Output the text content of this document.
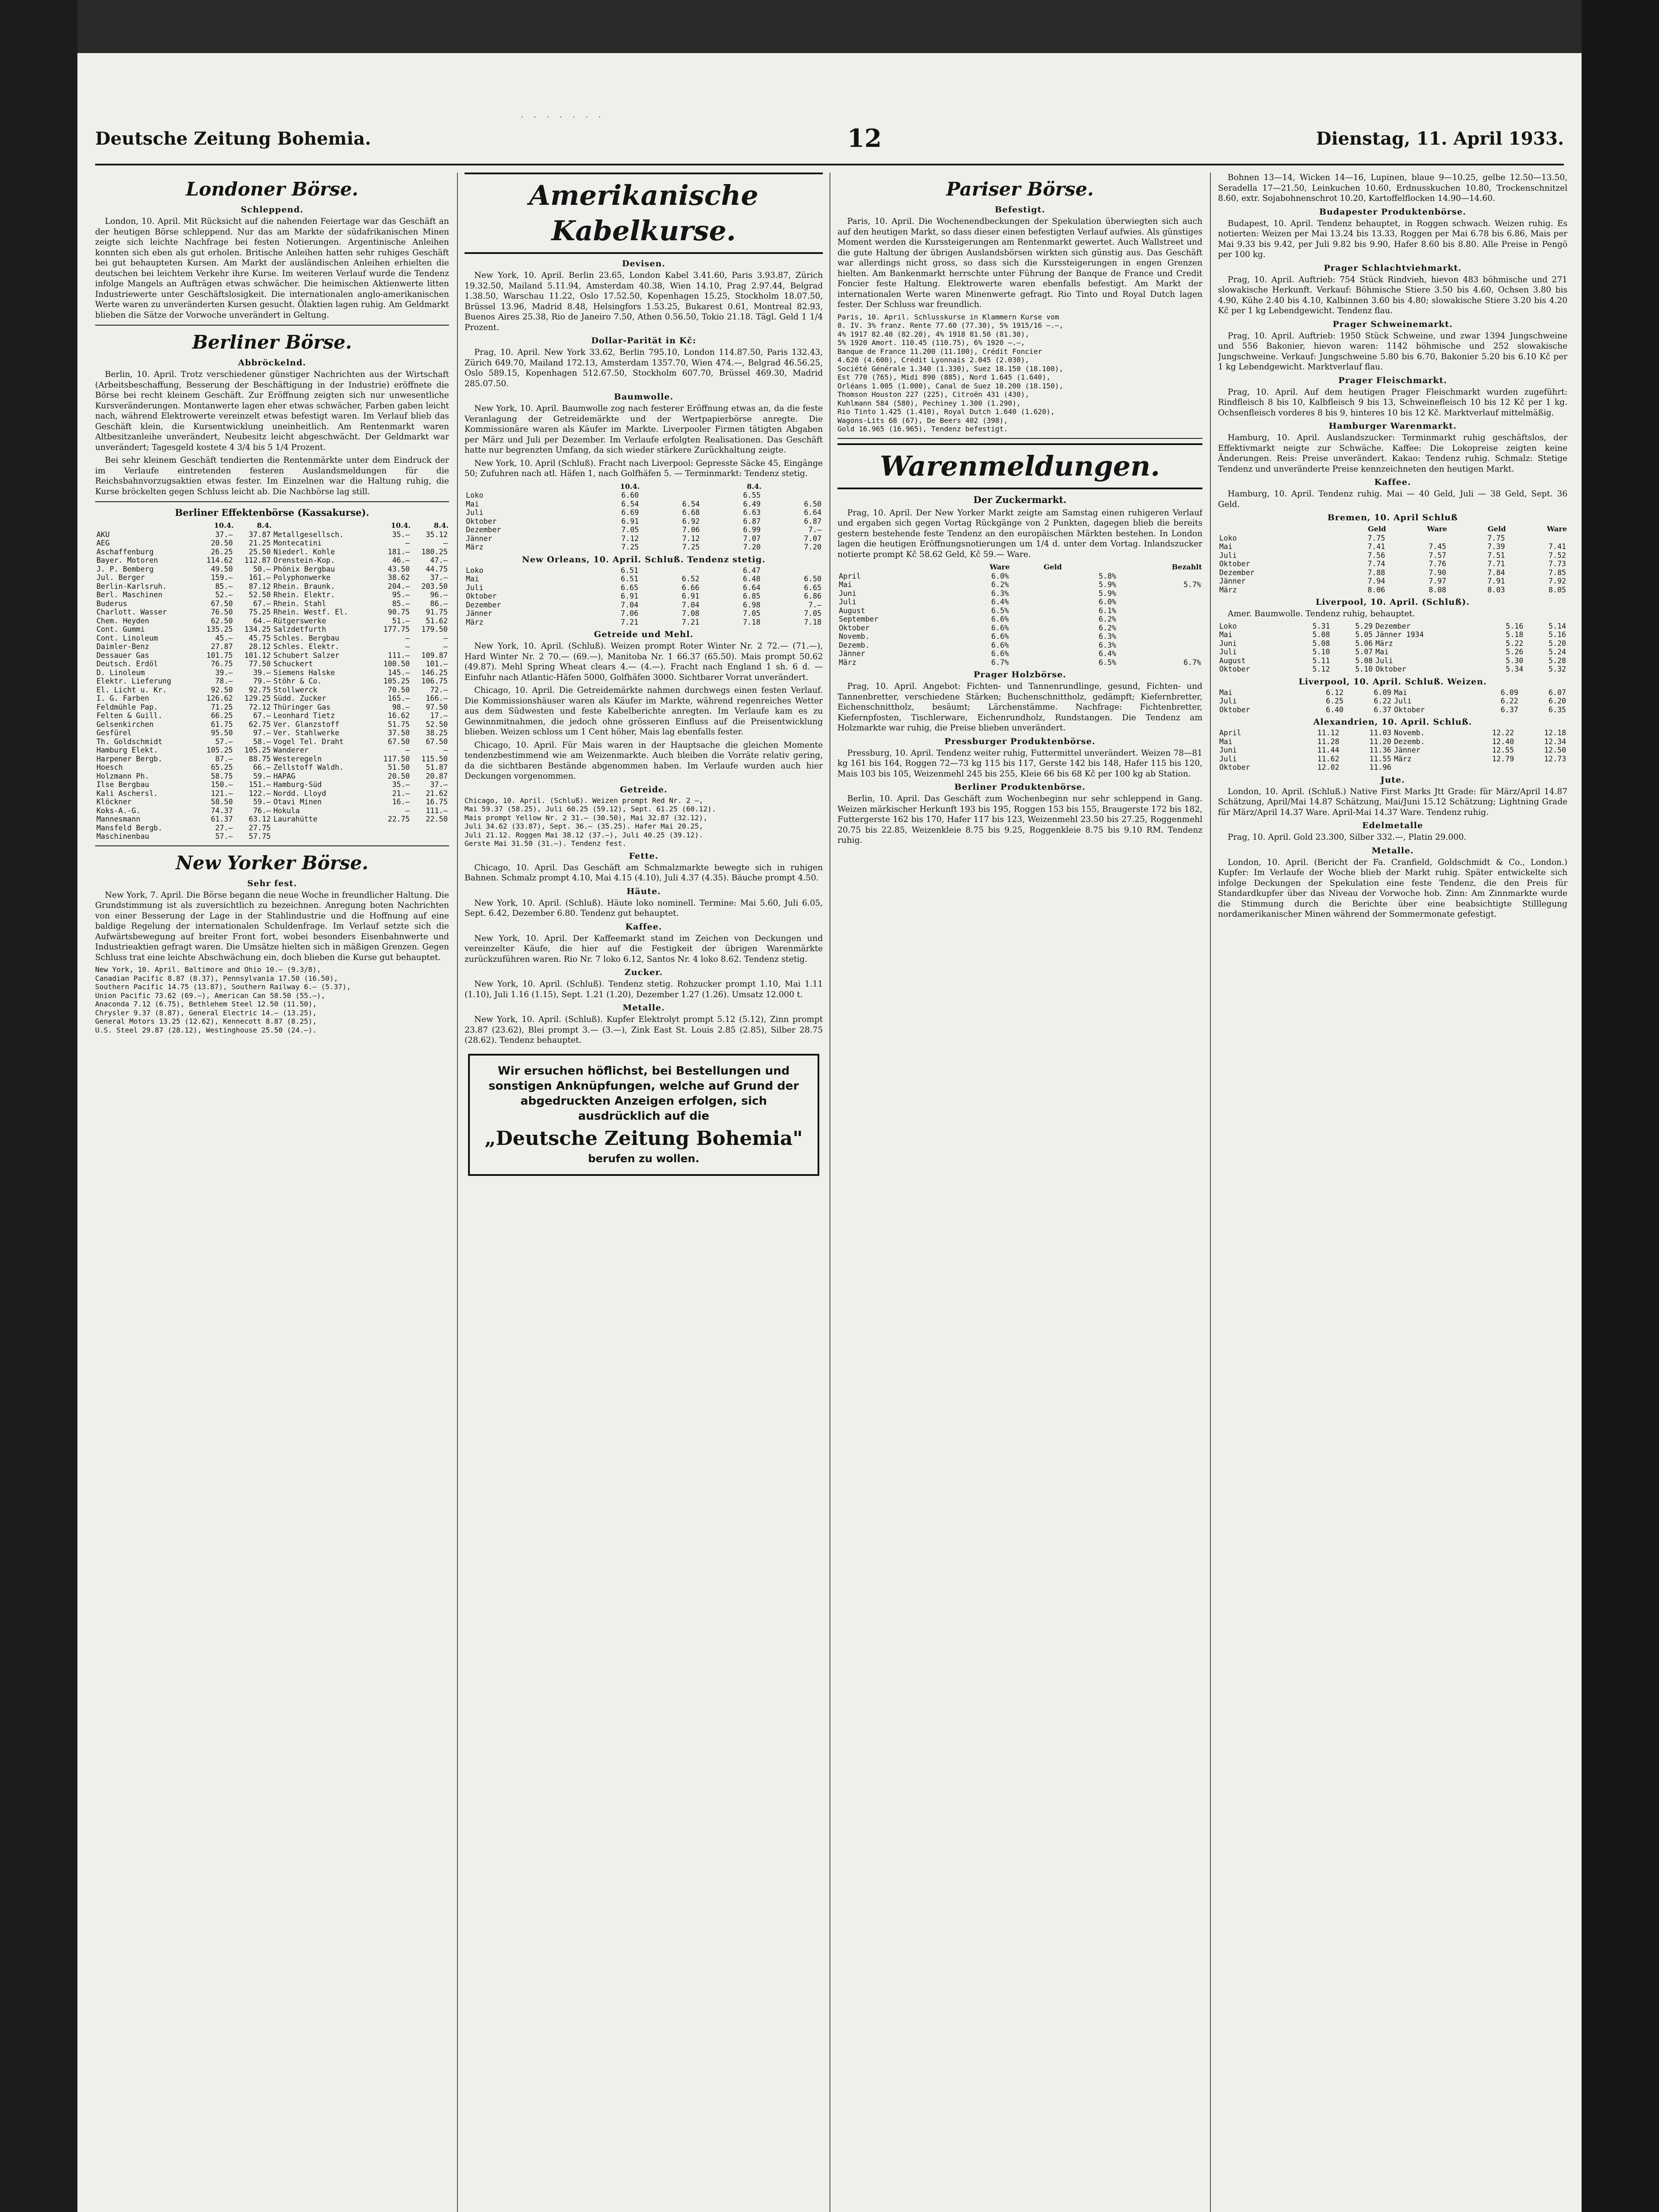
· · · · · · ·
Deutsche Zeitung Bohemia.	12	Dienstag, 11. April 1933.
Londoner Börse.
Schleppend.

London, 10. April. Mit Rücksicht auf die nahenden Feiertage war das Geschäft an der heutigen Börse schleppend. Nur das am Markte der südafrikanischen Minen zeigte sich leichte Nachfrage bei festen Notierungen. Argentinische Anleihen konnten sich eben als gut erholen. Britische Anleihen hatten sehr ruhiges Geschäft bei gut behaupteten Kursen. Am Markt der ausländischen Anleihen erhielten die deutschen bei leichtem Verkehr ihre Kurse. Im weiteren Verlauf wurde die Tendenz infolge Mangels an Aufträgen etwas schwächer. Die heimischen Aktienwerte litten Industriewerte unter Geschäftslosigkeit. Die internationalen anglo-amerikanischen Werte waren zu unveränderten Kursen gesucht. Ölaktien lagen ruhig. Am Geldmarkt blieben die Sätze der Vorwoche unverändert in Geltung.

Berliner Börse.
Abbröckelnd.

Berlin, 10. April. Trotz verschiedener günstiger Nachrichten aus der Wirtschaft (Arbeitsbeschaffung, Besserung der Beschäftigung in der Industrie) eröffnete die Börse bei recht kleinem Geschäft. Zur Eröffnung zeigten sich nur unwesentliche Kursveränderungen. Montanwerte lagen eher etwas schwächer, Farben gaben leicht nach, während Elektrowerte vereinzelt etwas befestigt waren. Im Verlauf blieb das Geschäft klein, die Kursentwicklung uneinheitlich. Am Rentenmarkt waren Altbesitzanleihe unverändert, Neubesitz leicht abgeschwächt. Der Geldmarkt war unverändert; Tagesgeld kostete 4 3/4 bis 5 1/4 Prozent.

Bei sehr kleinem Geschäft tendierten die Rentenmärkte unter dem Eindruck der im Verlaufe eintretenden festeren Auslandsmeldungen für die Reichsbahnvorzugsaktien etwas fester. Im Einzelnen war die Haltung ruhig, die Kurse bröckelten gegen Schluss leicht ab. Die Nachbörse lag still.

Berliner Effektenbörse (Kassakurse).
	10.4.	8.4.		10.4.	8.4.
AKU	37.—	37.87	Metallgesellsch.	35.—	35.12
AEG	20.50	21.25	Montecatini	—	—
Aschaffenburg	26.25	25.50	Niederl. Kohle	181.—	180.25
Bayer. Motoren	114.62	112.87	Orenstein-Kop.	46.—	47.—
J. P. Bemberg	49.50	50.—	Phönix Bergbau	43.50	44.75
Jul. Berger	159.—	161.—	Polyphonwerke	38.62	37.—
Berlin-Karlsruh.	85.—	87.12	Rhein. Braunk.	204.—	203.50
Berl. Maschinen	52.—	52.50	Rhein. Elektr.	95.—	96.—
Buderus	67.50	67.—	Rhein. Stahl	85.—	86.—
Charlott. Wasser	76.50	75.25	Rhein. Westf. El.	90.75	91.75
Chem. Heyden	62.50	64.—	Rütgerswerke	51.—	51.62
Cont. Gummi	135.25	134.25	Salzdetfurth	177.75	179.50
Cont. Linoleum	45.—	45.75	Schles. Bergbau	—	—
Daimler-Benz	27.87	28.12	Schles. Elektr.	—	—
Dessauer Gas	101.75	101.12	Schubert Salzer	111.—	109.87
Deutsch. Erdöl	76.75	77.50	Schuckert	100.50	101.—
D. Linoleum	39.—	39.—	Siemens Halske	145.—	146.25
Elektr. Lieferung	78.—	79.—	Stöhr & Co.	105.25	106.75
El. Licht u. Kr.	92.50	92.75	Stollwerck	70.50	72.—
I. G. Farben	126.62	129.25	Südd. Zucker	165.—	166.—
Feldmühle Pap.	71.25	72.12	Thüringer Gas	98.—	97.50
Felten & Guill.	66.25	67.—	Leonhard Tietz	16.62	17.—
Gelsenkirchen	61.75	62.75	Ver. Glanzstoff	51.75	52.50
Gesfürel	95.50	97.—	Ver. Stahlwerke	37.50	38.25
Th. Goldschmidt	57.—	58.—	Vogel Tel. Draht	67.50	67.50
Hamburg Elekt.	105.25	105.25	Wanderer	—	—
Harpener Bergb.	87.—	88.75	Westeregeln	117.50	115.50
Hoesch	65.25	66.—	Zellstoff Waldh.	51.50	51.87
Holzmann Ph.	58.75	59.—	HAPAG	20.50	20.87
Ilse Bergbau	150.—	151.—	Hamburg-Süd	35.—	37.—
Kali Aschersl.	121.—	122.—	Nordd. Lloyd	21.—	21.62
Klöckner	58.50	59.—	Otavi Minen	16.—	16.75
Koks-A.-G.	74.37	76.—	Hokula	—	111.—
Mannesmann	61.37	63.12	Laurahütte	22.75	22.50
Mansfeld Bergb.	27.—	27.75			
Maschinenbau	57.—	57.75			
New Yorker Börse.
Sehr fest.

New York, 7. April. Die Börse begann die neue Woche in freundlicher Haltung. Die Grundstimmung ist als zuversichtlich zu bezeichnen. Anregung boten Nachrichten von einer Besserung der Lage in der Stahlindustrie und die Hoffnung auf eine baldige Regelung der internationalen Schuldenfrage. Im Verlauf setzte sich die Aufwärtsbewegung auf breiter Front fort, wobei besonders Eisenbahnwerte und Industrieaktien gefragt waren. Die Umsätze hielten sich in mäßigen Grenzen. Gegen Schluss trat eine leichte Abschwächung ein, doch blieben die Kurse gut behauptet.

New York, 10. April. Baltimore and Ohio 10.— (9.3/8),
Canadian Pacific 8.87 (8.37), Pennsylvania 17.50 (16.50),
Southern Pacific 14.75 (13.87), Southern Railway 6.— (5.37),
Union Pacific 73.62 (69.—), American Can 58.50 (55.—),
Anaconda 7.12 (6.75), Bethlehem Steel 12.50 (11.50),
Chrysler 9.37 (8.87), General Electric 14.— (13.25),
General Motors 13.25 (12.62), Kennecott 8.87 (8.25),
U.S. Steel 29.87 (28.12), Westinghouse 25.50 (24.—).
Amerikanische Kabelkurse.
Devisen.

New York, 10. April. Berlin 23.65, London Kabel 3.41.60, Paris 3.93.87, Zürich 19.32.50, Mailand 5.11.94, Amsterdam 40.38, Wien 14.10, Prag 2.97.44, Belgrad 1.38.50, Warschau 11.22, Oslo 17.52.50, Kopenhagen 15.25, Stockholm 18.07.50, Brüssel 13.96, Madrid 8.48, Helsingfors 1.53.25, Bukarest 0.61, Montreal 82.93, Buenos Aires 25.38, Rio de Janeiro 7.50, Athen 0.56.50, Tokio 21.18. Tägl. Geld 1 1/4 Prozent.

Dollar-Parität in Kč:

Prag, 10. April. New York 33.62, Berlin 795.10, London 114.87.50, Paris 132.43, Zürich 649.70, Mailand 172.13, Amsterdam 1357.70, Wien 474.—, Belgrad 46.56.25, Oslo 589.15, Kopenhagen 512.67.50, Stockholm 607.70, Brüssel 469.30, Madrid 285.07.50.

Baumwolle.

New York, 10. April. Baumwolle zog nach festerer Eröffnung etwas an, da die feste Veranlagung der Getreidemärkte und der Wertpapierbörse anregte. Die Kommissionäre waren als Käufer im Markte. Liverpooler Firmen tätigten Abgaben per März und Juli per Dezember. Im Verlaufe erfolgten Realisationen. Das Geschäft hatte nur begrenzten Umfang, da sich wieder stärkere Zurückhaltung zeigte.

New York, 10. April (Schluß). Fracht nach Liverpool: Gepresste Säcke 45, Eingänge 50; Zufuhren nach atl. Häfen 1, nach Golfhäfen 5. — Terminmarkt: Tendenz stetig.

	10.4.		8.4.	
Loko	6.60		6.55	
Mai	6.54	6.54	6.49	6.50
Juli	6.69	6.68	6.63	6.64
Oktober	6.91	6.92	6.87	6.87
Dezember	7.05	7.06	6.99	7.—
Jänner	7.12	7.12	7.07	7.07
März	7.25	7.25	7.20	7.20
New Orleans, 10. April. Schluß. Tendenz stetig.
Loko	6.51		6.47	
Mai	6.51	6.52	6.48	6.50
Juli	6.65	6.66	6.64	6.65
Oktober	6.91	6.91	6.85	6.86
Dezember	7.04	7.04	6.98	7.—
Jänner	7.06	7.08	7.05	7.05
März	7.21	7.21	7.18	7.18
Getreide und Mehl.

New York, 10. April. (Schluß). Weizen prompt Roter Winter Nr. 2 72.— (71.—), Hard Winter Nr. 2 70.— (69.—), Manitoba Nr. 1 66.37 (65.50). Mais prompt 50.62 (49.87). Mehl Spring Wheat clears 4.— (4.—). Fracht nach England 1 sh. 6 d. — Einfuhr nach Atlantic-Häfen 5000, Golfhäfen 3000. Sichtbarer Vorrat unverändert.

Chicago, 10. April. Die Getreidemärkte nahmen durchwegs einen festen Verlauf. Die Kommissionshäuser waren als Käufer im Markte, während regenreiches Wetter aus dem Südwesten und feste Kabelberichte anregten. Im Verlaufe kam es zu Gewinnmitnahmen, die jedoch ohne grösseren Einfluss auf die Preisentwicklung blieben. Weizen schloss um 1 Cent höher, Mais lag ebenfalls fester.

Chicago, 10. April. Für Mais waren in der Hauptsache die gleichen Momente tendenzbestimmend wie am Weizenmarkte. Auch bleiben die Vorräte relativ gering, da die sichtbaren Bestände abgenommen haben. Im Verlaufe wurden auch hier Deckungen vorgenommen.

Getreide.
Chicago, 10. April. (Schluß). Weizen prompt Red Nr. 2 —,
Mai 59.37 (58.25), Juli 60.25 (59.12), Sept. 61.25 (60.12).
Mais prompt Yellow Nr. 2 31.— (30.50), Mai 32.87 (32.12),
Juli 34.62 (33.87), Sept. 36.— (35.25). Hafer Mai 20.25,
Juli 21.12. Roggen Mai 38.12 (37.—), Juli 40.25 (39.12).
Gerste Mai 31.50 (31.—). Tendenz fest.
Fette.

Chicago, 10. April. Das Geschäft am Schmalzmarkte bewegte sich in ruhigen Bahnen. Schmalz prompt 4.10, Mai 4.15 (4.10), Juli 4.37 (4.35). Bäuche prompt 4.50.

Häute.

New York, 10. April. (Schluß). Häute loko nominell. Termine: Mai 5.60, Juli 6.05, Sept. 6.42, Dezember 6.80. Tendenz gut behauptet.

Kaffee.

New York, 10. April. Der Kaffeemarkt stand im Zeichen von Deckungen und vereinzelter Käufe, die hier auf die Festigkeit der übrigen Warenmärkte zurückzuführen waren. Rio Nr. 7 loko 6.12, Santos Nr. 4 loko 8.62. Tendenz stetig.

Zucker.

New York, 10. April. (Schluß). Tendenz stetig. Rohzucker prompt 1.10, Mai 1.11 (1.10), Juli 1.16 (1.15), Sept. 1.21 (1.20), Dezember 1.27 (1.26). Umsatz 12.000 t.

Metalle.

New York, 10. April. (Schluß). Kupfer Elektrolyt prompt 5.12 (5.12), Zinn prompt 23.87 (23.62), Blei prompt 3.— (3.—), Zink East St. Louis 2.85 (2.85), Silber 28.75 (28.62). Tendenz behauptet.

Wir ersuchen höflichst, bei Bestellungen und sonstigen Anknüpfungen, welche auf Grund der abgedruckten Anzeigen erfolgen, sich ausdrücklich auf die
„Deutsche Zeitung Bohemia"
berufen zu wollen.
Pariser Börse.
Befestigt.

Paris, 10. April. Die Wochenendbeckungen der Spekulation überwiegten sich auch auf den heutigen Markt, so dass dieser einen befestigten Verlauf aufwies. Als günstiges Moment werden die Kurssteigerungen am Rentenmarkt gewertet. Auch Wallstreet und die gute Haltung der übrigen Auslandsbörsen wirkten sich günstig aus. Das Geschäft war allerdings nicht gross, so dass sich die Kurssteigerungen in engen Grenzen hielten. Am Bankenmarkt herrschte unter Führung der Banque de France und Credit Foncier feste Haltung. Elektrowerte waren ebenfalls befestigt. Am Markt der internationalen Werte waren Minenwerte gefragt. Rio Tinto und Royal Dutch lagen fester. Der Schluss war freundlich.

Paris, 10. April. Schlusskurse in Klammern Kurse vom
8. IV. 3% franz. Rente 77.60 (77.30), 5% 1915/16 —.—,
4% 1917 82.40 (82.20), 4% 1918 81.50 (81.30),
5% 1920 Amort. 110.45 (110.75), 6% 1920 —.—,
Banque de France 11.200 (11.100), Crédit Foncier
4.620 (4.600), Crédit Lyonnais 2.045 (2.030),
Société Générale 1.340 (1.330), Suez 18.150 (18.100),
Est 770 (765), Midi 890 (885), Nord 1.645 (1.640),
Orléans 1.005 (1.000), Canal de Suez 18.200 (18.150),
Thomson Houston 227 (225), Citroën 431 (430),
Kuhlmann 584 (580), Pechiney 1.300 (1.290),
Rio Tinto 1.425 (1.410), Royal Dutch 1.640 (1.620),
Wagons-Lits 68 (67), De Beers 402 (398),
Gold 16.965 (16.965), Tendenz befestigt.
Warenmeldungen.
Der Zuckermarkt.

Prag, 10. April. Der New Yorker Markt zeigte am Samstag einen ruhigeren Verlauf und ergaben sich gegen Vortag Rückgänge von 2 Punkten, dagegen blieb die bereits gestern bestehende feste Tendenz an den europäischen Märkten bestehen. In London lagen die heutigen Eröffnungsnotierungen um 1/4 d. unter dem Vortag. Inlandszucker notierte prompt Kč 58.62 Geld, Kč 59.— Ware.

	Ware	Geld		Bezahlt
April	6.0%		5.8%	
Mai	6.2%		5.9%	5.7%
Juni	6.3%		5.9%	
Juli	6.4%		6.0%	
August	6.5%		6.1%	
September	6.6%		6.2%	
Oktober	6.6%		6.2%	
Novemb.	6.6%		6.3%	
Dezemb.	6.6%		6.3%	
Jänner	6.6%		6.4%	
März	6.7%		6.5%	6.7%
Prager Holzbörse.

Prag, 10. April. Angebot: Fichten- und Tannenrundlinge, gesund, Fichten- und Tannenbretter, verschiedene Stärken; Buchenschnittholz, gedämpft; Kiefernbretter, Eichenschnittholz, besäumt; Lärchenstämme. Nachfrage: Fichtenbretter, Kiefernpfosten, Tischlerware, Eichenrundholz, Rundstangen. Die Tendenz am Holzmarkte war ruhig, die Preise blieben unverändert.

Pressburger Produktenbörse.

Pressburg, 10. April. Tendenz weiter ruhig, Futtermittel unverändert. Weizen 78—81 kg 161 bis 164, Roggen 72—73 kg 115 bis 117, Gerste 142 bis 148, Hafer 115 bis 120, Mais 103 bis 105, Weizenmehl 245 bis 255, Kleie 66 bis 68 Kč per 100 kg ab Station.

Berliner Produktenbörse.

Berlin, 10. April. Das Geschäft zum Wochenbeginn nur sehr schleppend in Gang. Weizen märkischer Herkunft 193 bis 195, Roggen 153 bis 155, Braugerste 172 bis 182, Futtergerste 162 bis 170, Hafer 117 bis 123, Weizenmehl 23.50 bis 27.25, Roggenmehl 20.75 bis 22.85, Weizenkleie 8.75 bis 9.25, Roggenkleie 8.75 bis 9.10 RM. Tendenz ruhig.

Bohnen 13—14, Wicken 14—16, Lupinen, blaue 9—10.25, gelbe 12.50—13.50, Seradella 17—21.50, Leinkuchen 10.60, Erdnusskuchen 10.80, Trockenschnitzel 8.60, extr. Sojabohnenschrot 10.20, Kartoffelflocken 14.90—14.60.

Budapester Produktenbörse.

Budapest, 10. April. Tendenz behauptet, in Roggen schwach. Weizen ruhig. Es notierten: Weizen per Mai 13.24 bis 13.33, Roggen per Mai 6.78 bis 6.86, Mais per Mai 9.33 bis 9.42, per Juli 9.82 bis 9.90, Hafer 8.60 bis 8.80. Alle Preise in Pengö per 100 kg.

Prager Schlachtviehmarkt.

Prag, 10. April. Auftrieb: 754 Stück Rindvieh, hievon 483 böhmische und 271 slowakische Herkunft. Verkauf: Böhmische Stiere 3.50 bis 4.60, Ochsen 3.80 bis 4.90, Kühe 2.40 bis 4.10, Kalbinnen 3.60 bis 4.80; slowakische Stiere 3.20 bis 4.20 Kč per 1 kg Lebendgewicht. Tendenz flau.

Prager Schweinemarkt.

Prag, 10. April. Auftrieb: 1950 Stück Schweine, und zwar 1394 Jungschweine und 556 Bakonier, hievon waren: 1142 böhmische und 252 slowakische Jungschweine. Verkauf: Jungschweine 5.80 bis 6.70, Bakonier 5.20 bis 6.10 Kč per 1 kg Lebendgewicht. Marktverlauf flau.

Prager Fleischmarkt.

Prag, 10. April. Auf dem heutigen Prager Fleischmarkt wurden zugeführt: Rindfleisch 8 bis 10, Kalbfleisch 9 bis 13, Schweinefleisch 10 bis 12 Kč per 1 kg. Ochsenfleisch vorderes 8 bis 9, hinteres 10 bis 12 Kč. Marktverlauf mittelmäßig.

Hamburger Warenmarkt.

Hamburg, 10. April. Auslandszucker: Terminmarkt ruhig geschäftslos, der Effektivmarkt neigte zur Schwäche. Kaffee: Die Lokopreise zeigten keine Änderungen. Reis: Preise unverändert. Kakao: Tendenz ruhig. Schmalz: Stetige Tendenz und unveränderte Preise kennzeichneten den heutigen Markt.

Kaffee.

Hamburg, 10. April. Tendenz ruhig. Mai — 40 Geld, Juli — 38 Geld, Sept. 36 Geld.

Bremen, 10. April Schluß
	Geld	Ware	Geld	Ware
Loko	7.75		7.75	
Mai	7.41	7.45	7.39	7.41
Juli	7.56	7.57	7.51	7.52
Oktober	7.74	7.76	7.71	7.73
Dezember	7.88	7.90	7.84	7.85
Jänner	7.94	7.97	7.91	7.92
März	8.06	8.08	8.03	8.05
Liverpool, 10. April. (Schluß).

Amer. Baumwolle. Tendenz ruhig, behauptet.

Loko	5.31	5.29	Dezember	5.16	5.14
Mai	5.08	5.05	Jänner 1934	5.18	5.16
Juni	5.08	5.06	März	5.22	5.20
Juli	5.10	5.07	Mai	5.26	5.24
August	5.11	5.08	Juli	5.30	5.28
Oktober	5.12	5.10	Oktober	5.34	5.32
Liverpool, 10. April. Schluß. Weizen.
Mai	6.12	6.09	Mai	6.09	6.07
Juli	6.25	6.22	Juli	6.22	6.20
Oktober	6.40	6.37	Oktober	6.37	6.35
Alexandrien, 10. April. Schluß.
April	11.12	11.03	Novemb.	12.22	12.18
Mai	11.28	11.20	Dezemb.	12.40	12.34
Juni	11.44	11.36	Jänner	12.55	12.50
Juli	11.62	11.55	März	12.79	12.73
Oktober	12.02	11.96			
Jute.

London, 10. April. (Schluß.) Native First Marks Jtt Grade: für März/April 14.87 Schätzung, April/Mai 14.87 Schätzung, Mai/Juni 15.12 Schätzung; Lightning Grade für März/April 14.37 Ware. April-Mai 14.37 Ware. Tendenz ruhig.

Edelmetalle

Prag, 10. April. Gold 23.300, Silber 332.—, Platin 29.000.

Metalle.

London, 10. April. (Bericht der Fa. Cranfield, Goldschmidt & Co., London.) Kupfer: Im Verlaufe der Woche blieb der Markt ruhig. Später entwickelte sich infolge Deckungen der Spekulation eine feste Tendenz, die den Preis für Standardkupfer über das Niveau der Vorwoche hob. Zinn: Am Zinnmarkte wurde die Stimmung durch die Berichte über eine beabsichtigte Stilllegung nordamerikanischer Minen während der Sommermonate gefestigt.
